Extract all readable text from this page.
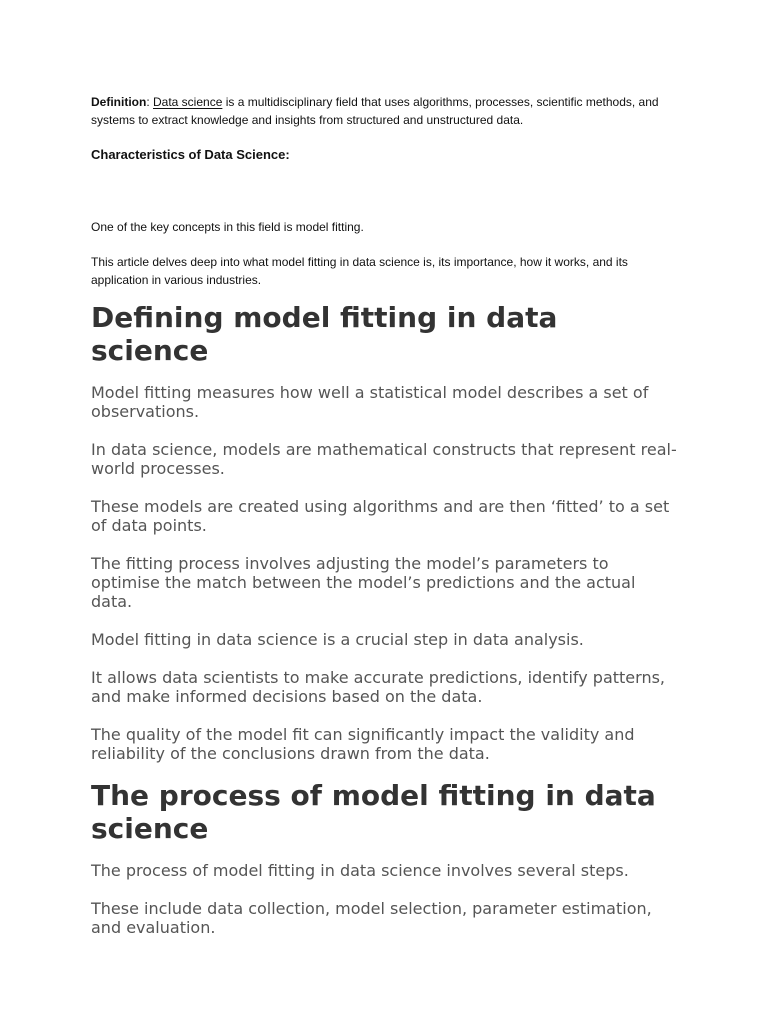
Definition: Data science is a multidisciplinary field that uses algorithms, processes, scientific methods, and systems to extract knowledge and insights from structured and unstructured data.

Characteristics of Data Science:

One of the key concepts in this field is model fitting.

This article delves deep into what model fitting in data science is, its importance, how it works, and its application in various industries.

Defining model fitting in data science

Model fitting measures how well a statistical model describes a set of observations.

In data science, models are mathematical constructs that represent real-world processes.

These models are created using algorithms and are then ‘fitted’ to a set of data points.

The fitting process involves adjusting the model’s parameters to optimise the match between the model’s predictions and the actual data.

Model fitting in data science is a crucial step in data analysis.

It allows data scientists to make accurate predictions, identify patterns, and make informed decisions based on the data.

The quality of the model fit can significantly impact the validity and reliability of the conclusions drawn from the data.

The process of model fitting in data science

The process of model fitting in data science involves several steps.

These include data collection, model selection, parameter estimation, and evaluation.
